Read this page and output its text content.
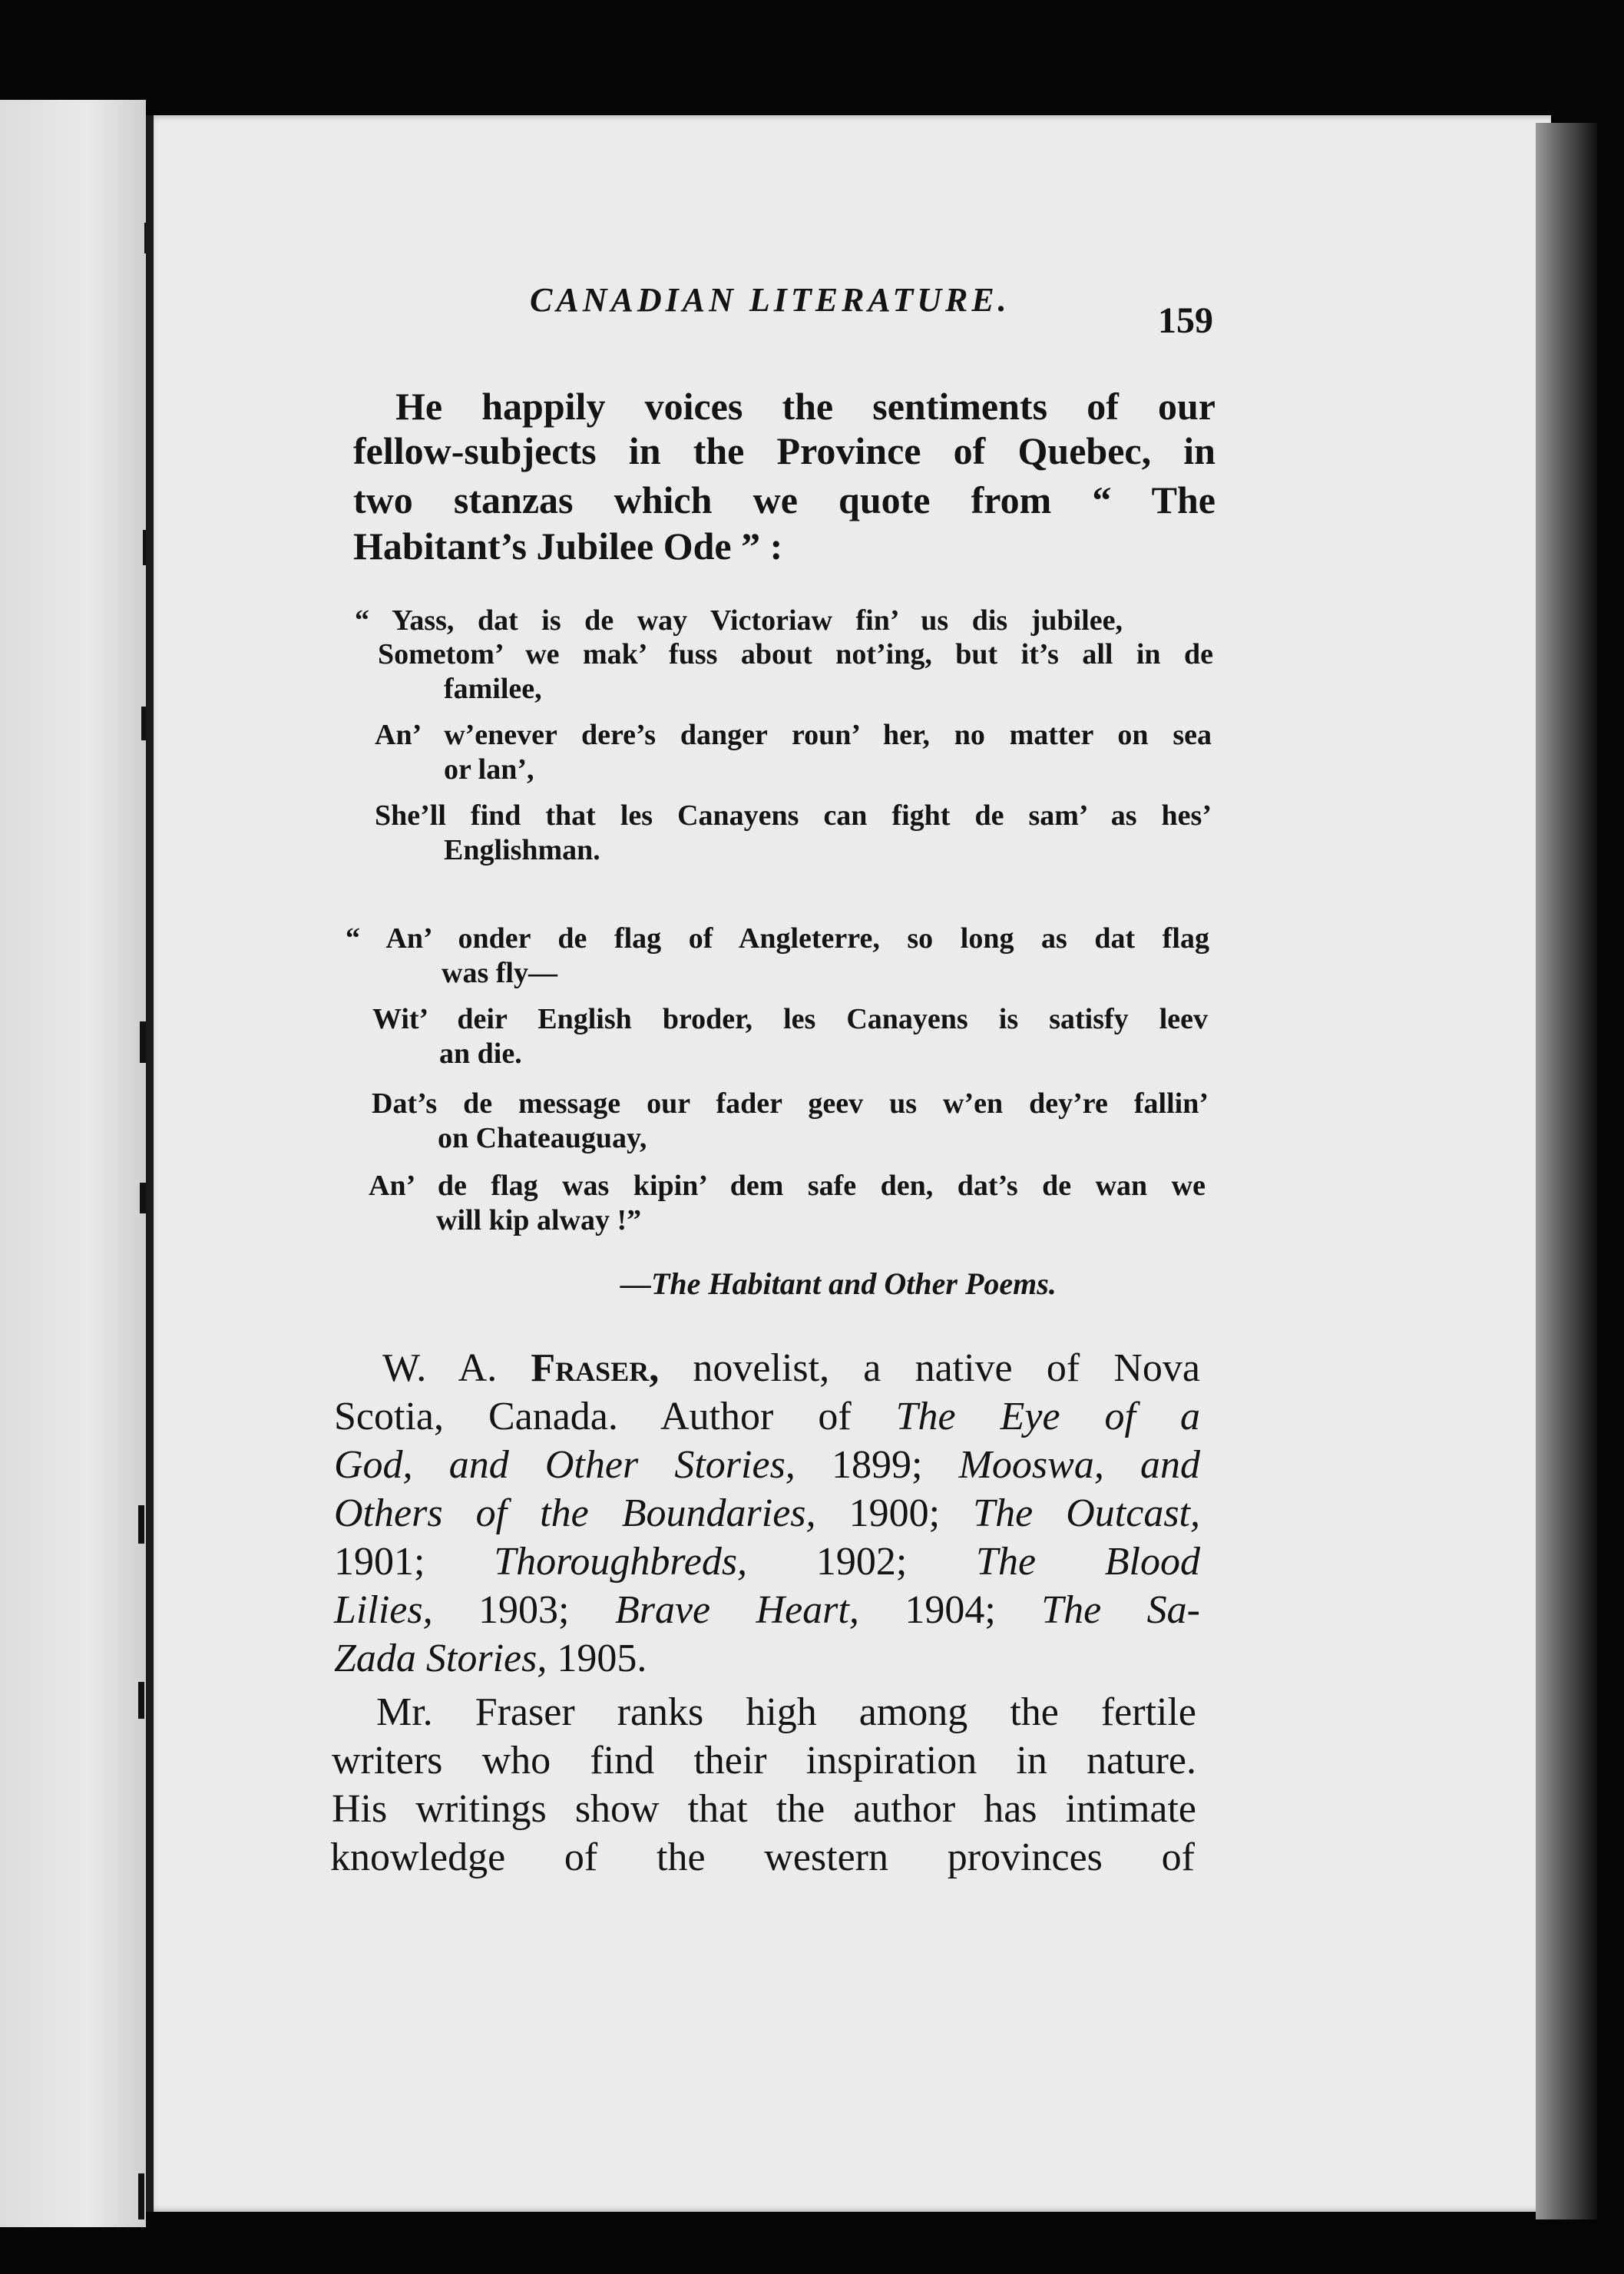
CANADIAN LITERATURE.
159
He happily voices the sentiments of our
fellow-subjects in the Province of Quebec, in
two stanzas which we quote from “ The
Habitant’s Jubilee Ode ” :
“ Yass, dat is de way Victoriaw fin’ us dis jubilee,
Sometom’ we mak’ fuss about not’ing, but it’s all in de
familee,
An’ w’enever dere’s danger roun’ her, no matter on sea
or lan’,
She’ll find that les Canayens can fight de sam’ as hes’
Englishman.
“ An’ onder de flag of Angleterre, so long as dat flag
was fly—
Wit’ deir English broder, les Canayens is satisfy leev
an die.
Dat’s de message our fader geev us w’en dey’re fallin’
on Chateauguay,
An’ de flag was kipin’ dem safe den, dat’s de wan we
will kip alway !”
—The Habitant and Other Poems.
W. A. Fraser, novelist, a native of Nova
Scotia, Canada. Author of The Eye of a
God, and Other Stories, 1899; Mooswa, and
Others of the Boundaries, 1900; The Outcast,
1901; Thoroughbreds, 1902; The Blood
Lilies, 1903; Brave Heart, 1904; The Sa-
Zada Stories, 1905.
Mr. Fraser ranks high among the fertile
writers who find their inspiration in nature.
His writings show that the author has intimate
knowledge of the western provinces of
